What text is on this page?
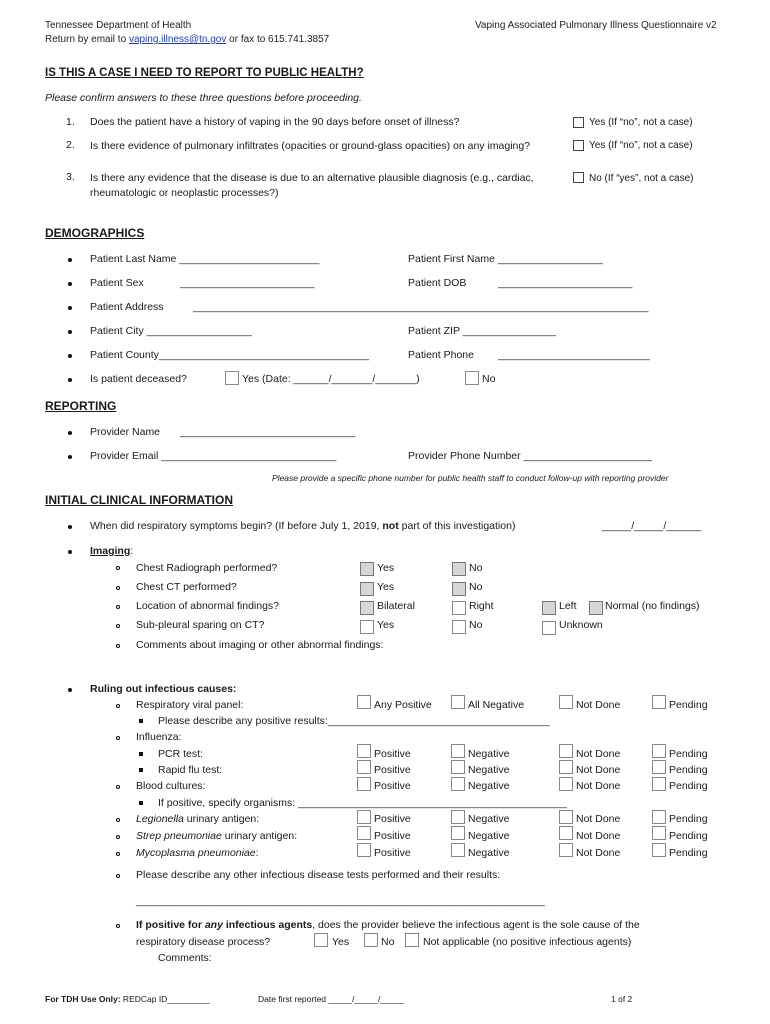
Tennessee Department of Health
Return by email to vaping.illness@tn.gov or fax to 615.741.3857
Vaping Associated Pulmonary Illness Questionnaire v2
IS THIS A CASE I NEED TO REPORT TO PUBLIC HEALTH?
Please confirm answers to these three questions before proceeding.
1. Does the patient have a history of vaping in the 90 days before onset of illness?	Yes (If “no”, not a case)
2. Is there evidence of pulmonary infiltrates (opacities or ground-glass opacities) on any imaging?	Yes (If “no”, not a case)
3. Is there any evidence that the disease is due to an alternative plausible diagnosis (e.g., cardiac, rheumatologic or neoplastic processes?)
No (If “yes”, not a case)
DEMOGRAPHICS
Patient Last Name ________________________	Patient First Name __________________
Patient Sex	_______________________	Patient DOB	_______________________
Patient Address	______________________________________________________________________________
Patient City __________________	Patient ZIP ________________
Patient County____________________________________	Patient Phone __________________________
Is patient deceased?	Yes (Date: ______/_______/_______)	No
REPORTING
Provider Name ______________________________
Provider Email ______________________________	Provider Phone Number ______________________
Please provide a specific phone number for public health staff to conduct follow-up with reporting provider
INITIAL CLINICAL INFORMATION
When did respiratory symptoms begin? (If before July 1, 2019, not part of this investigation)	_____/_____/______
Imaging:
Chest Radiograph performed?	Yes	No
Chest CT performed?	Yes	No
Location of abnormal findings?	Bilateral	Right	Left	Normal (no findings)
Sub-pleural sparing on CT?	Yes	No	Unknown
Comments about imaging or other abnormal findings:
Ruling out infectious causes:
Respiratory viral panel:	Any Positive	All Negative	Not Done	Pending
Please describe any positive results:______________________________________
Influenza:
PCR test:	Positive	Negative	Not Done	Pending
Rapid flu test:	Positive	Negative	Not Done	Pending
Blood cultures:	Positive	Negative	Not Done	Pending
If positive, specify organisms: ______________________________________________
Legionella urinary antigen:	Positive	Negative	Not Done	Pending
Strep pneumoniae urinary antigen:	Positive	Negative	Not Done	Pending
Mycoplasma pneumoniae:	Positive	Negative	Not Done	Pending
Please describe any other infectious disease tests performed and their results:
______________________________________________________________________
If positive for any infectious agents, does the provider believe the infectious agent is the sole cause of the
respiratory disease process?	Yes	No	Not applicable (no positive infectious agents)
Comments:
For TDH Use Only: REDCap ID_________	Date first reported _____/_____/_____	1 of 2
